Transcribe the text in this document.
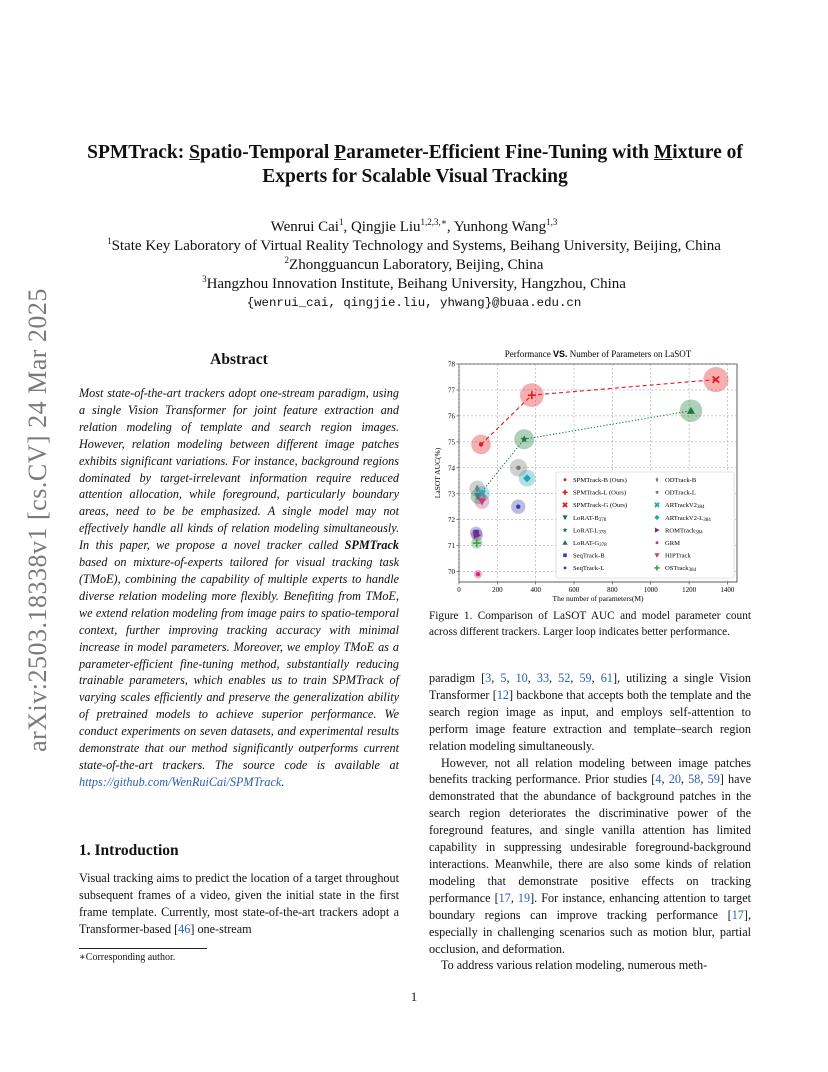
arXiv:2503.18338v1 [cs.CV] 24 Mar 2025
SPMTrack: Spatio-Temporal Parameter-Efficient Fine-Tuning with Mixture of
Experts for Scalable Visual Tracking
Wenrui Cai$^1$, Qingjie Liu$^{1,2,3,∗}$, Yunhong Wang$^{1,3}$
$^1$State Key Laboratory of Virtual Reality Technology and Systems, Beihang University, Beijing, China
$^2$Zhongguancun Laboratory, Beijing, China
$^3$Hangzhou Innovation Institute, Beihang University, Hangzhou, China
{wenrui_cai, qingjie.liu, yhwang}@buaa.edu.cn
Abstract
Most state-of-the-art trackers adopt one-stream paradigm, using a single Vision Transformer for joint feature extraction and relation modeling of template and search region images. However, relation modeling between different image patches exhibits significant variations. For instance, background regions dominated by target-irrelevant information require reduced attention allocation, while foreground, particularly boundary areas, need to be be emphasized. A single model may not effectively handle all kinds of relation modeling simultaneously. In this paper, we propose a novel tracker called SPMTrack based on mixture-of-experts tailored for visual tracking task (TMoE), combining the capability of multiple experts to handle diverse relation modeling more flexibly. Benefiting from TMoE, we extend relation modeling from image pairs to spatio-temporal context, further improving tracking accuracy with minimal increase in model parameters. Moreover, we employ TMoE as a parameter-efficient fine-tuning method, substantially reducing trainable parameters, which enables us to train SPMTrack of varying scales efficiently and preserve the generalization ability of pretrained models to achieve superior performance. We conduct experiments on seven datasets, and experimental results demonstrate that our method significantly outperforms current state-of-the-art trackers. The source code is available at https://github.com/WenRuiCai/SPMTrack.
1. Introduction
Visual tracking aims to predict the location of a target throughout subsequent frames of a video, given the initial state in the first frame template. Currently, most state-of-the-art trackers adopt a Transformer-based [46] one-stream
∗Corresponding author.
Performance VS. Number of Parameters on LaSOT
0	200	400	600	800	1000	1200	1400
70
71
72
73
74
75
76
77
78
The number of parameters(M)
LaSOT AUC(%)	SPMTrack-B (Ours)
SPMTrack-L (Ours)
SPMTrack-G (Ours)
LoRAT-B378
LoRAT-L378
LoRAT-G378
SeqTrack-B
SeqTrack-L
ODTrack-B
ODTrack-L
ARTrackV2384
ARTrackV2-L384
ROMTrack384
GRM
HIPTrack
OSTrack384
Figure 1. Comparison of LaSOT AUC and model parameter count across different trackers. Larger loop indicates better performance.
paradigm [3, 5, 10, 33, 52, 59, 61], utilizing a single Vision Transformer [12] backbone that accepts both the template and the search region image as input, and employs self-attention to perform image feature extraction and template–search region relation modeling simultaneously.
However, not all relation modeling between image patches benefits tracking performance. Prior studies [4, 20, 58, 59] have demonstrated that the abundance of background patches in the search region deteriorates the discriminative power of the foreground features, and single vanilla attention has limited capability in suppressing undesirable foreground-background interactions. Meanwhile, there are also some kinds of relation modeling that demonstrate positive effects on tracking performance [17, 19]. For instance, enhancing attention to target boundary regions can improve tracking performance [17], especially in challenging scenarios such as motion blur, partial occlusion, and deformation.
To address various relation modeling, numerous meth-
1
